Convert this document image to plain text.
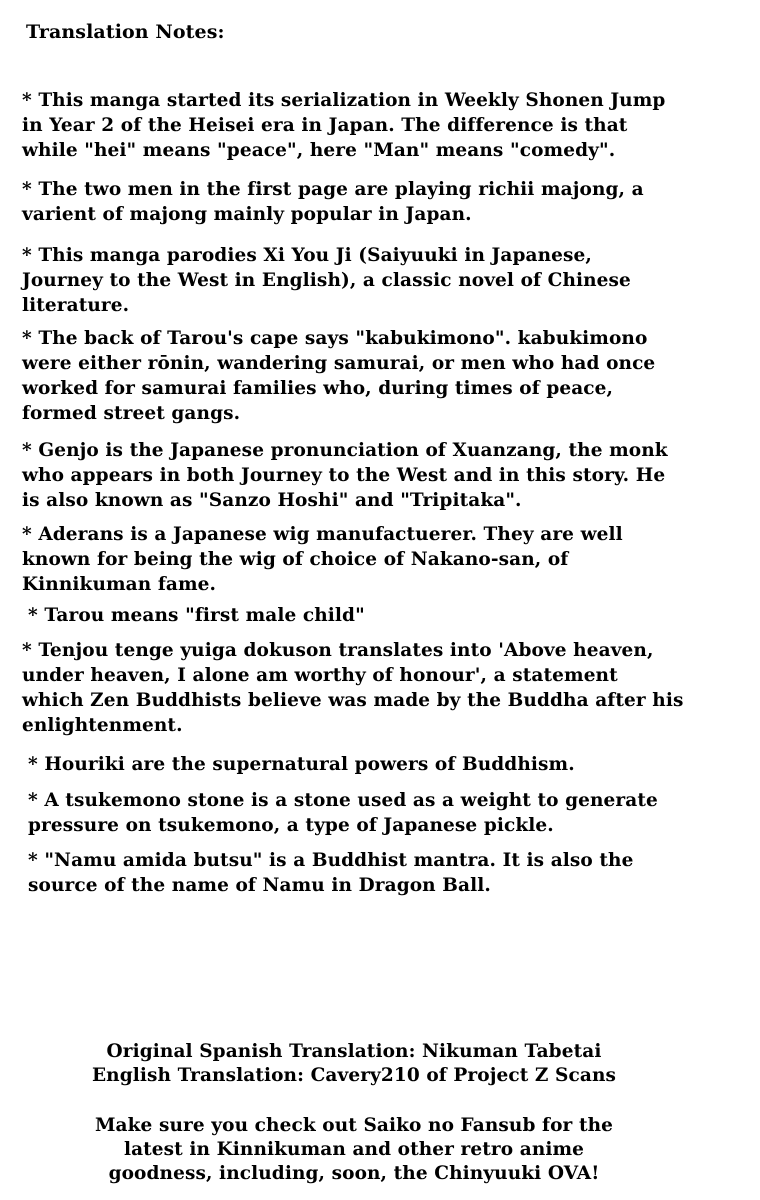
Translation Notes:
* This manga started its serialization in Weekly Shonen Jump
in Year 2 of the Heisei era in Japan. The difference is that
while "hei" means "peace", here "Man" means "comedy".
* The two men in the first page are playing richii majong, a
varient of majong mainly popular in Japan.
* This manga parodies Xi You Ji (Saiyuuki in Japanese,
Journey to the West in English), a classic novel of Chinese
literature.
* The back of Tarou's cape says "kabukimono". kabukimono
were either rōnin, wandering samurai, or men who had once
worked for samurai families who, during times of peace,
formed street gangs.
* Genjo is the Japanese pronunciation of Xuanzang, the monk
who appears in both Journey to the West and in this story. He
is also known as "Sanzo Hoshi" and "Tripitaka".
* Aderans is a Japanese wig manufactuerer. They are well
known for being the wig of choice of Nakano-san, of
Kinnikuman fame.
* Tarou means "first male child"
* Tenjou tenge yuiga dokuson translates into 'Above heaven,
under heaven, I alone am worthy of honour', a statement
which Zen Buddhists believe was made by the Buddha after his
enlightenment.
* Houriki are the supernatural powers of Buddhism.
* A tsukemono stone is a stone used as a weight to generate
pressure on tsukemono, a type of Japanese pickle.
* "Namu amida butsu" is a Buddhist mantra. It is also the
source of the name of Namu in Dragon Ball.
Original Spanish Translation: Nikuman Tabetai
English Translation: Cavery210 of Project Z Scans
Make sure you check out Saiko no Fansub for the
latest in Kinnikuman and other retro anime
goodness, including, soon, the Chinyuuki OVA!
